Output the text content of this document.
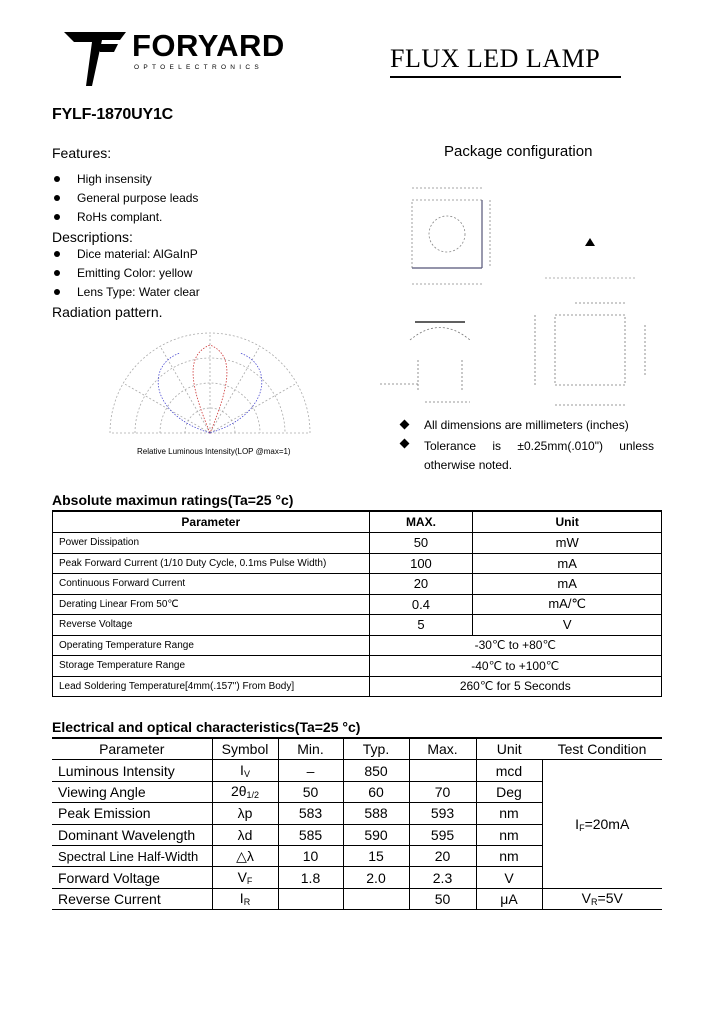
FORYARD
OPTOELECTRONICS	FLUX LED LAMP
FYLF-1870UY1C
Features:
High insensity
General purpose leads
RoHs complant.
Descriptions:
Dice material: AlGaInP
Emitting Color: yellow
Lens Type: Water clear
Radiation pattern.
Relative Luminous Intensity(LOP @max=1)
Package configuration
All dimensions are millimeters (inches)
Tolerance is ±0.25mm(.010") unless otherwise noted.
Absolute maximun ratings(Ta=25 °c)
Parameter	MAX.	Unit
Power Dissipation	50	mW
Peak Forward Current (1/10 Duty Cycle, 0.1ms Pulse Width)	100	mA
Continuous Forward Current	20	mA
Derating Linear From 50℃	0.4	mA/℃
Reverse Voltage	5	V
Operating Temperature Range	-30℃ to +80℃	
Storage Temperature Range	-40℃ to +100℃	
Lead Soldering Temperature[4mm(.157") From Body]	260℃ for 5 Seconds	
Electrical and optical characteristics(Ta=25 °c)
Parameter	Symbol	Min.	Typ.	Max.	Unit	Test Condition
Luminous Intensity	$I_V$	–	850		mcd	$I_F=20mA$
Viewing Angle	$2\theta_{1/2}$	50	60	70	Deg	
Peak Emission	λp	583	588	593	nm	
Dominant Wavelength	λd	585	590	595	nm	
Spectral Line Half-Width	△λ	10	15	20	nm	
Forward Voltage	$V_F$	1.8	2.0	2.3	V	
Reverse Current	$I_R$			50	μA	$V_R=5V$
